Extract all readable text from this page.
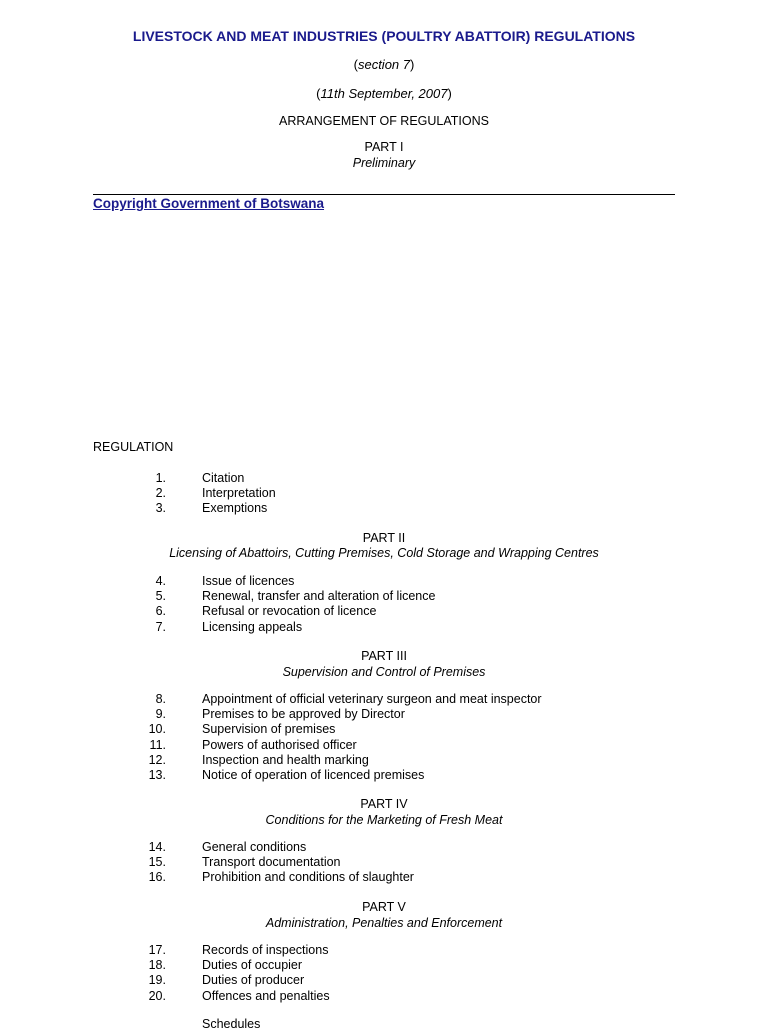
LIVESTOCK AND MEAT INDUSTRIES (POULTRY ABATTOIR) REGULATIONS
(section 7)
(11th September, 2007)
ARRANGEMENT OF REGULATIONS
PART I
Preliminary
Copyright Government of Botswana
REGULATION
1.	Citation
2.	Interpretation
3.	Exemptions
PART II
Licensing of Abattoirs, Cutting Premises, Cold Storage and Wrapping Centres
4.	Issue of licences
5.	Renewal, transfer and alteration of licence
6.	Refusal or revocation of licence
7.	Licensing appeals
PART III
Supervision and Control of Premises
8.	Appointment of official veterinary surgeon and meat inspector
9.	Premises to be approved by Director
10.	Supervision of premises
11.	Powers of authorised officer
12.	Inspection and health marking
13.	Notice of operation of licenced premises
PART IV
Conditions for the Marketing of Fresh Meat
14.	General conditions
15.	Transport documentation
16.	Prohibition and conditions of slaughter
PART V
Administration, Penalties and Enforcement
17.	Records of inspections
18.	Duties of occupier
19.	Duties of producer
20.	Offences and penalties
Schedules
